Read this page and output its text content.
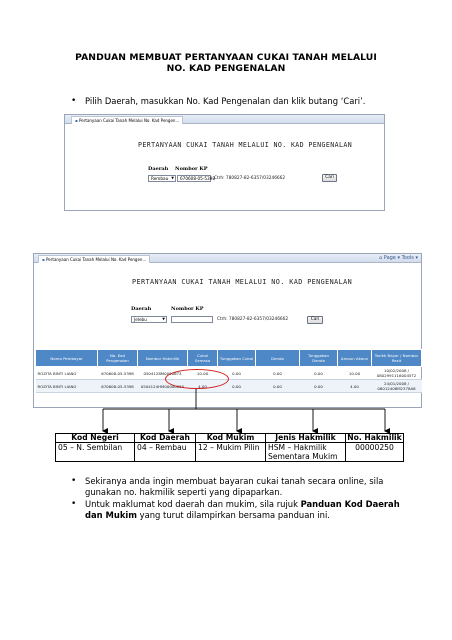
PANDUAN MEMBUAT PERTANYAAN CUKAI TANAH MELALUI
NO. KAD PENGENALAN
• Pilih Daerah, masukkan No. Kad Pengenalan dan klik butang ‘Cari’.
▪ Pertanyaan Cukai Tanah Melalui No. Kad Pengen...
PERTANYAAN CUKAI TANAH MELALUI NO. KAD PENGENALAN
Daerah Nombor KP
Rembau ▼	670608-05-5398 Ctrh: 780827-82-6357/03246662	Cari
▪ Pertanyaan Cukai Tanah Melalui No. Kad Pengen...	⌂ Page ▾ Tools ▾
PERTANYAAN CUKAI TANAH MELALUI NO. KAD PENGENALAN
Daerah	Nombor KP
Jelebu	▼	Ctrh: 780827-82-6357/03246662	Cari
Nama Pembayar	No. Kad Pengenalan	Nombor Hakmilik	Cukai Semasa	Tunggakan Cukai	Denda	Tunggakan Denda	Amaun Akaun	Tarikh Bayar / Nombor Resit
ROZITA BINTI LIANG	670608-05-5398	0504128M0000673	10.00	0.00	0.00	0.00	10.00	10/02/2008 / 08029911160045T2
ROZITA BINTI LIANG	670608-05-5398	0504124HM00000250	4.00	0.00	0.00	0.00	4.00	24/01/2008 / 08012408M2378A8
Kod Negeri	Kod Daerah	Kod Mukim	Jenis Hakmilik	No. Hakmilik
05 – N. Sembilan	04 – Rembau	12 – Mukim Pilin	HSM – Hakmilik Sementara Mukim	00000250
• Sekiranya anda ingin membuat bayaran cukai tanah secara online, sila gunakan no. hakmilik seperti yang dipaparkan.
• Untuk maklumat kod daerah dan mukim, sila rujuk Panduan Kod Daerah dan Mukim yang turut dilampirkan bersama panduan ini.
